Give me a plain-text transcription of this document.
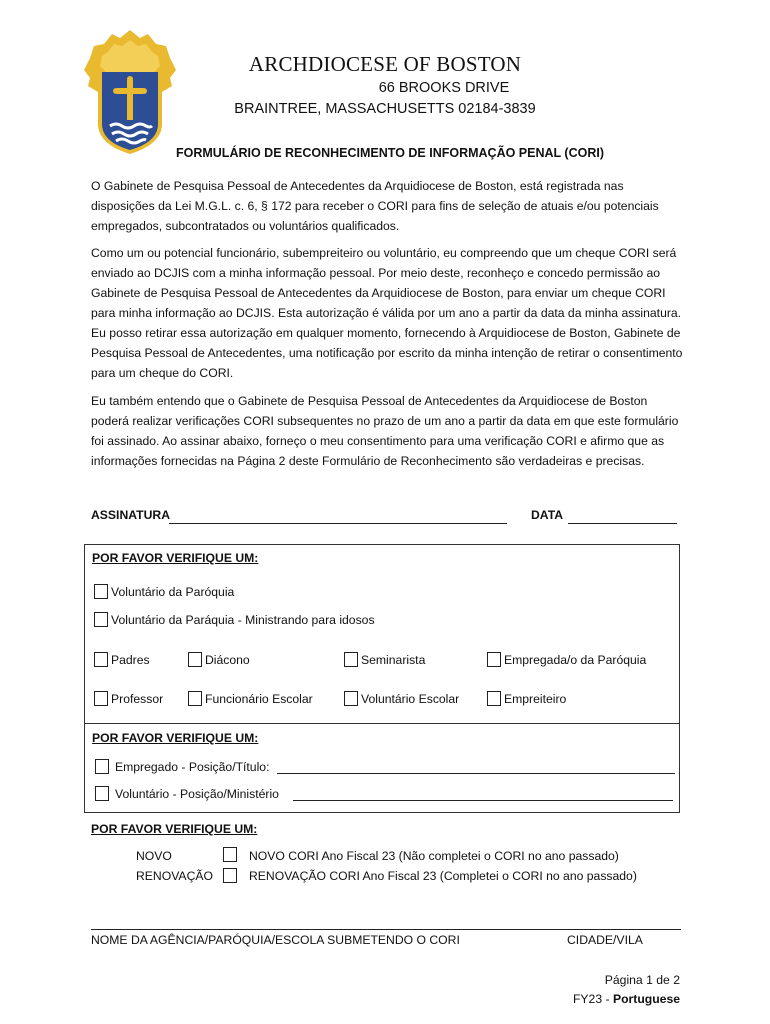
ARCHDIOCESE OF BOSTON
66 BROOKS DRIVE
BRAINTREE, MASSACHUSETTS 02184-3839
FORMULÁRIO DE RECONHECIMENTO DE INFORMAÇÃO PENAL (CORI)
O Gabinete de Pesquisa Pessoal de Antecedentes da Arquidiocese de Boston, está registrada nas disposições da Lei M.G.L. c. 6, § 172 para receber o CORI para fins de seleção de atuais e/ou potenciais empregados, subcontratados ou voluntários qualificados.
Como um ou potencial funcionário, subempreiteiro ou voluntário, eu compreendo que um cheque CORI será enviado ao DCJIS com a minha informação pessoal. Por meio deste, reconheço e concedo permissão ao Gabinete de Pesquisa Pessoal de Antecedentes da Arquidiocese de Boston, para enviar um cheque CORI para minha informação ao DCJIS. Esta autorização é válida por um ano a partir da data da minha assinatura. Eu posso retirar essa autorização em qualquer momento, fornecendo à Arquidiocese de Boston, Gabinete de Pesquisa Pessoal de Antecedentes, uma notificação por escrito da minha intenção de retirar o consentimento para um cheque do CORI.
Eu também entendo que o Gabinete de Pesquisa Pessoal de Antecedentes da Arquidiocese de Boston poderá realizar verificações CORI subsequentes no prazo de um ano a partir da data em que este formulário foi assinado. Ao assinar abaixo, forneço o meu consentimento para uma verificação CORI e afirmo que as informações fornecidas na Página 2 deste Formulário de Reconhecimento são verdadeiras e precisas.
ASSINATURA	DATA
POR FAVOR VERIFIQUE UM:
Voluntário da Paróquia
Voluntário da Paráquia - Ministrando para idosos
Padres	Diácono	Seminarista	Empregada/o da Paróquia
Professor	Funcionário Escolar	Voluntário Escolar	Empreiteiro
POR FAVOR VERIFIQUE UM:
Empregado - Posição/Título:
Voluntário - Posição/Ministério
POR FAVOR VERIFIQUE UM:
NOVO	NOVO CORI Ano Fiscal 23 (Não completei o CORI no ano passado)
RENOVAÇÃO	RENOVAÇÃO CORI Ano Fiscal 23 (Completei o CORI no ano passado)
NOME DA AGÊNCIA/PARÓQUIA/ESCOLA SUBMETENDO O CORI	CIDADE/VILA
Página 1 de 2
FY23 - Portuguese
